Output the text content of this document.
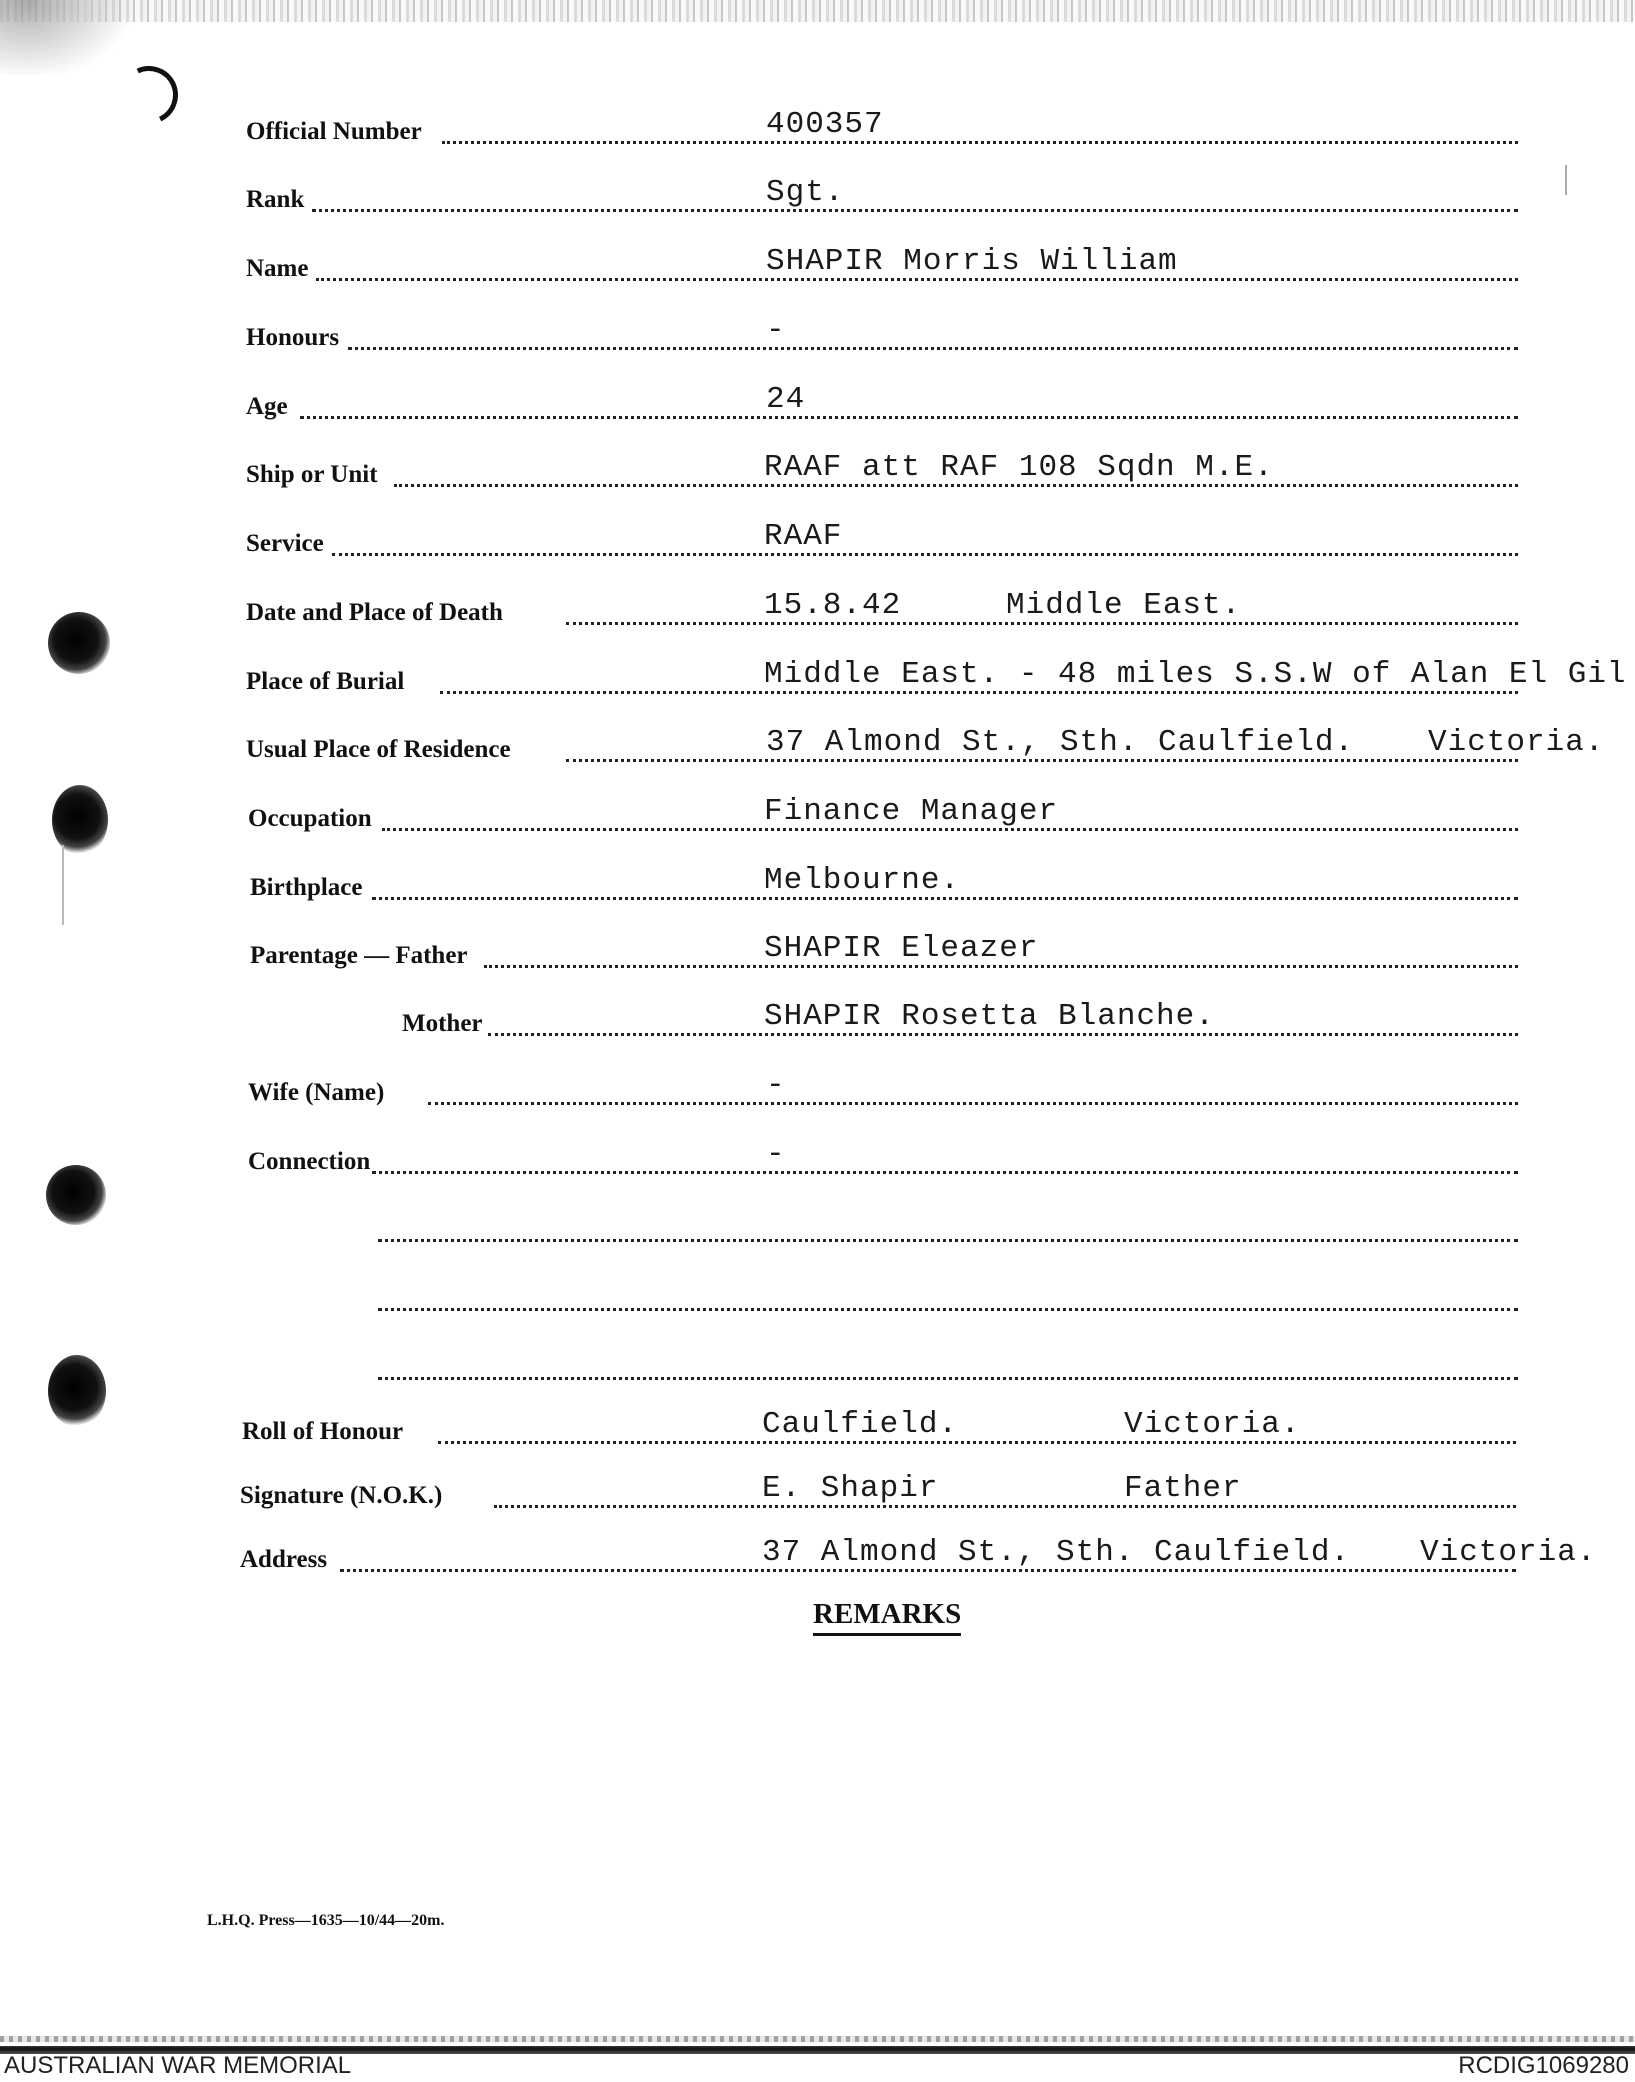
Official Number	400357
Rank	Sgt.
Name	SHAPIR Morris William
Honours	-
Age	24
Ship or Unit	RAAF att RAF 108 Sqdn M.E.
Service	RAAF
Date and Place of Death	15.8.42	Middle East.
Place of Burial	Middle East. - 48 miles S.S.W of Alan El Gil
Usual Place of Residence	37 Almond St., Sth. Caulfield. Victoria.
Occupation	Finance Manager
Birthplace	Melbourne.
Parentage — Father	SHAPIR Eleazer
Mother	SHAPIR Rosetta Blanche.
Wife (Name)	-
Connection	-
Roll of Honour	Caulfield.	Victoria.
Signature (N.O.K.)	E. Shapir	Father
Address	37 Almond St., Sth. Caulfield. Victoria.
REMARKS
L.H.Q. Press—1635—10/44—20m.
AUSTRALIAN WAR MEMORIAL	RCDIG1069280
